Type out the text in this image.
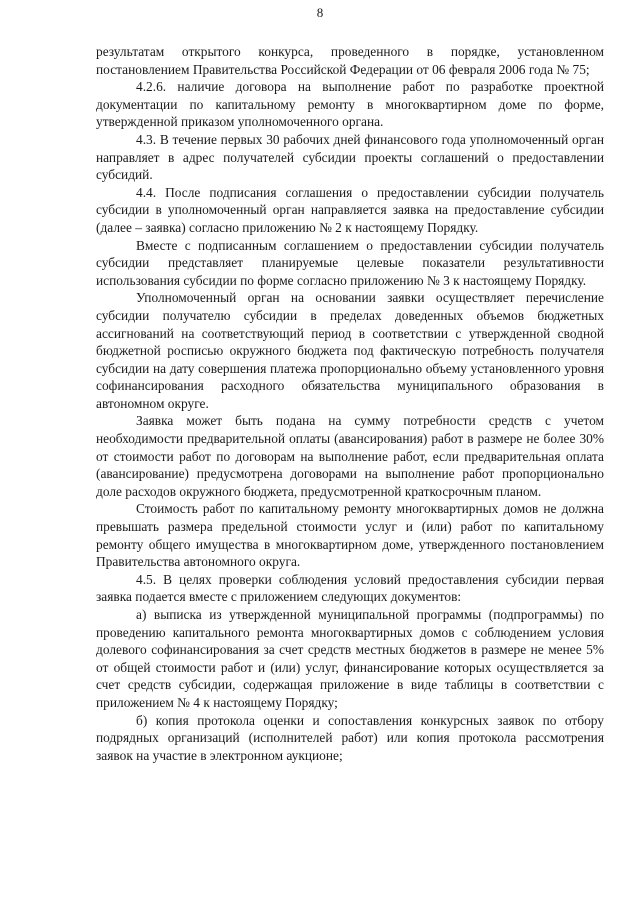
8

результатам открытого конкурса, проведенного в порядке, установленном постановлением Правительства Российской Федерации от 06 февраля 2006 года № 75;

4.2.6. наличие договора на выполнение работ по разработке проектной документации по капитальному ремонту в многоквартирном доме по форме, утвержденной приказом уполномоченного органа.

4.3. В течение первых 30 рабочих дней финансового года уполномоченный орган направляет в адрес получателей субсидии проекты соглашений о предоставлении субсидий.

4.4. После подписания соглашения о предоставлении субсидии получатель субсидии в уполномоченный орган направляется заявка на предоставление субсидии (далее – заявка) согласно приложению № 2 к настоящему Порядку.

Вместе с подписанным соглашением о предоставлении субсидии получатель субсидии представляет планируемые целевые показатели результативности использования субсидии по форме согласно приложению № 3 к настоящему Порядку.

Уполномоченный орган на основании заявки осуществляет перечисление субсидии получателю субсидии в пределах доведенных объемов бюджетных ассигнований на соответствующий период в соответствии с утвержденной сводной бюджетной росписью окружного бюджета под фактическую потребность получателя субсидии на дату совершения платежа пропорционально объему установленного уровня софинансирования расходного обязательства муниципального образования в автономном округе.

Заявка может быть подана на сумму потребности средств с учетом необходимости предварительной оплаты (авансирования) работ в размере не более 30% от стоимости работ по договорам на выполнение работ, если предварительная оплата (авансирование) предусмотрена договорами на выполнение работ пропорционально доле расходов окружного бюджета, предусмотренной краткосрочным планом.

Стоимость работ по капитальному ремонту многоквартирных домов не должна превышать размера предельной стоимости услуг и (или) работ по капитальному ремонту общего имущества в многоквартирном доме, утвержденного постановлением Правительства автономного округа.

4.5. В целях проверки соблюдения условий предоставления субсидии первая заявка подается вместе с приложением следующих документов:

а) выписка из утвержденной муниципальной программы (подпрограммы) по проведению капитального ремонта многоквартирных домов с соблюдением условия долевого софинансирования за счет средств местных бюджетов в размере не менее 5% от общей стоимости работ и (или) услуг, финансирование которых осуществляется за счет средств субсидии, содержащая приложение в виде таблицы в соответствии с приложением № 4 к настоящему Порядку;

б) копия протокола оценки и сопоставления конкурсных заявок по отбору подрядных организаций (исполнителей работ) или копия протокола рассмотрения заявок на участие в электронном аукционе;
